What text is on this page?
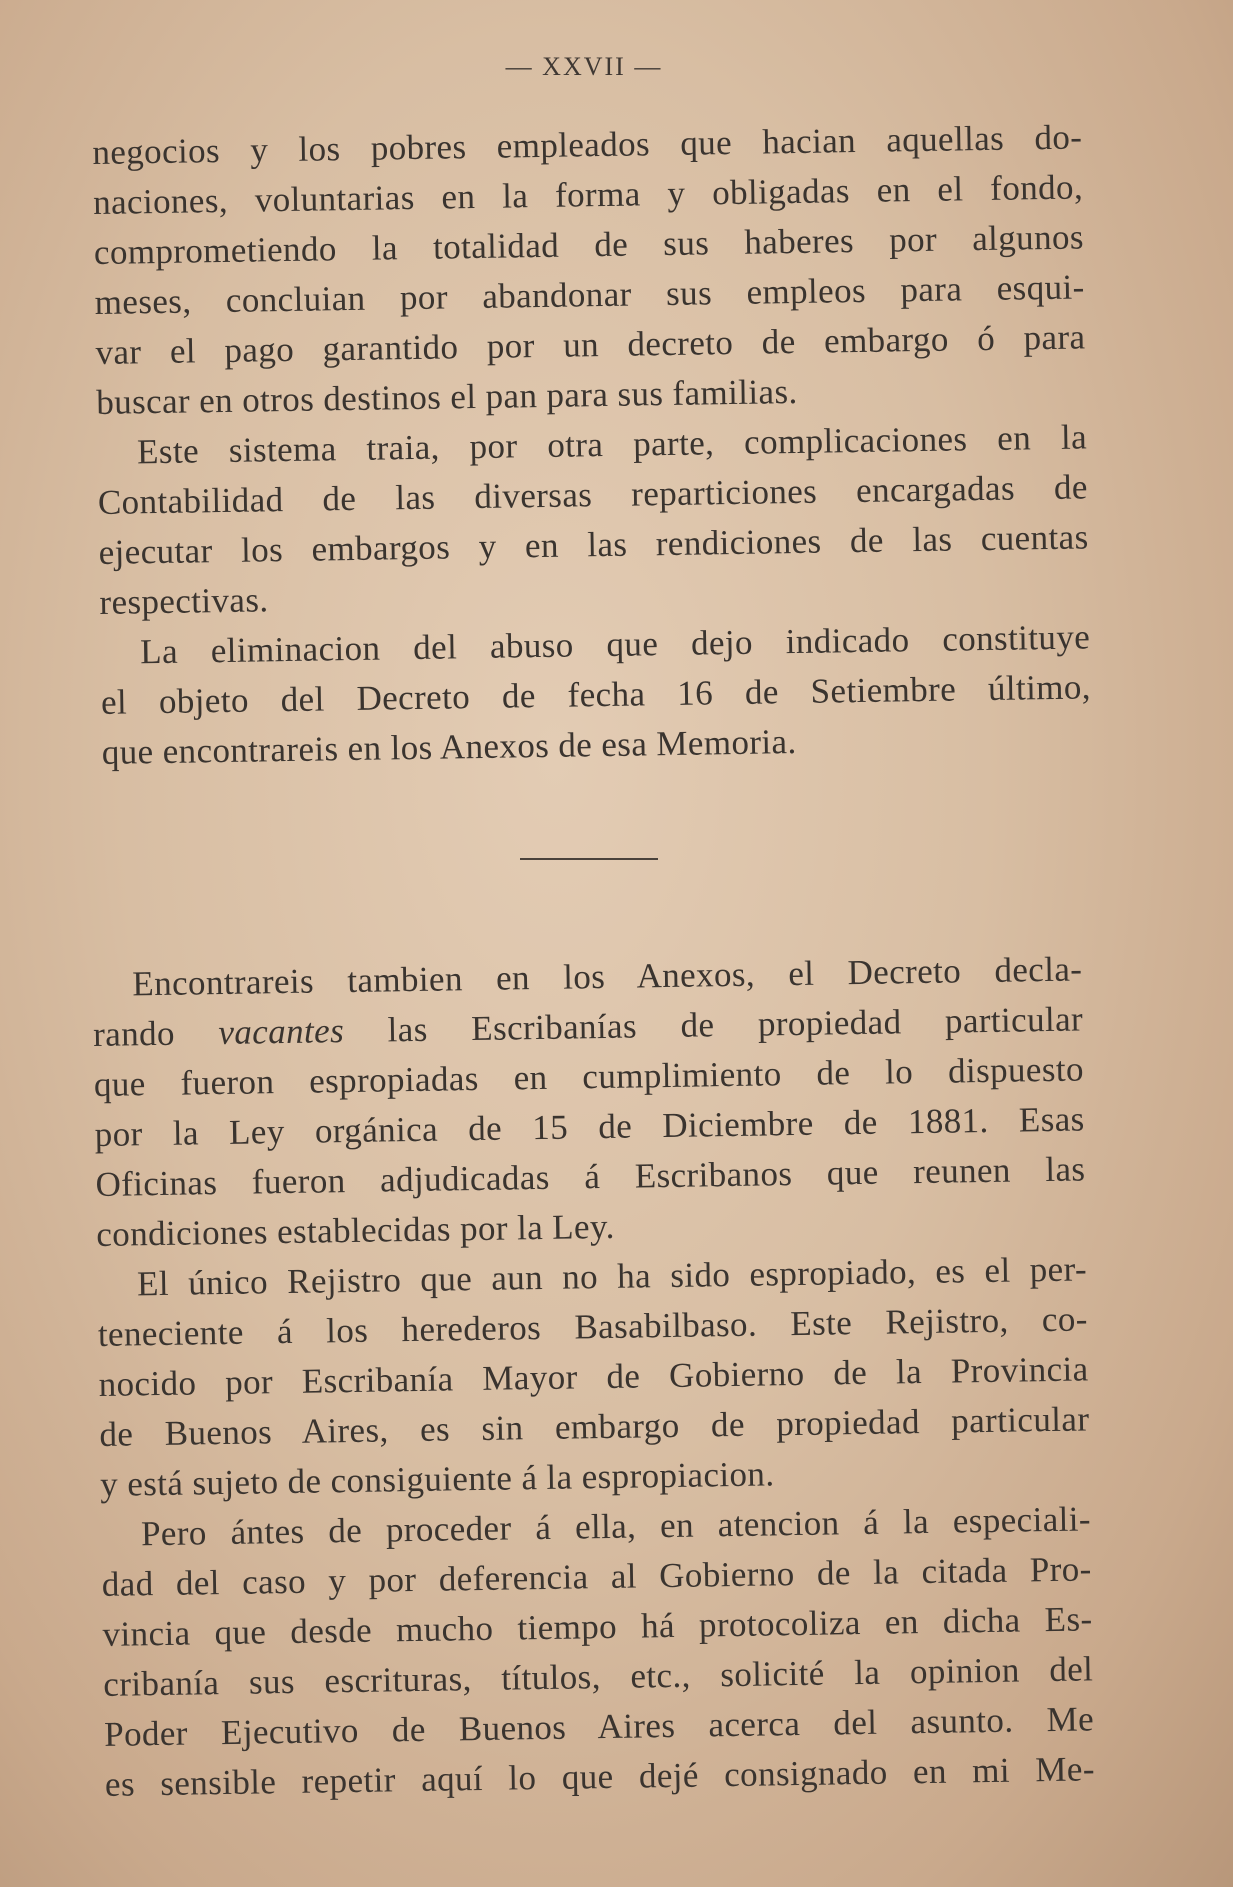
— XXVII —
negocios y los pobres empleados que hacian aquellas do-
naciones, voluntarias en la forma y obligadas en el fondo,
comprometiendo la totalidad de sus haberes por algunos
meses, concluian por abandonar sus empleos para esqui-
var el pago garantido por un decreto de embargo ó para
buscar en otros destinos el pan para sus familias.
Este sistema traia, por otra parte, complicaciones en la
Contabilidad de las diversas reparticiones encargadas de
ejecutar los embargos y en las rendiciones de las cuentas
respectivas.
La eliminacion del abuso que dejo indicado constituye
el objeto del Decreto de fecha 16 de Setiembre último,
que encontrareis en los Anexos de esa Memoria.
Encontrareis tambien en los Anexos, el Decreto decla-
rando vacantes las Escribanías de propiedad particular
que fueron espropiadas en cumplimiento de lo dispuesto
por la Ley orgánica de 15 de Diciembre de 1881. Esas
Oficinas fueron adjudicadas á Escribanos que reunen las
condiciones establecidas por la Ley.
El único Rejistro que aun no ha sido espropiado, es el per-
teneciente á los herederos Basabilbaso. Este Rejistro, co-
nocido por Escribanía Mayor de Gobierno de la Provincia
de Buenos Aires, es sin embargo de propiedad particular
y está sujeto de consiguiente á la espropiacion.
Pero ántes de proceder á ella, en atencion á la especiali-
dad del caso y por deferencia al Gobierno de la citada Pro-
vincia que desde mucho tiempo há protocoliza en dicha Es-
cribanía sus escrituras, títulos, etc., solicité la opinion del
Poder Ejecutivo de Buenos Aires acerca del asunto. Me
es sensible repetir aquí lo que dejé consignado en mi Me-
